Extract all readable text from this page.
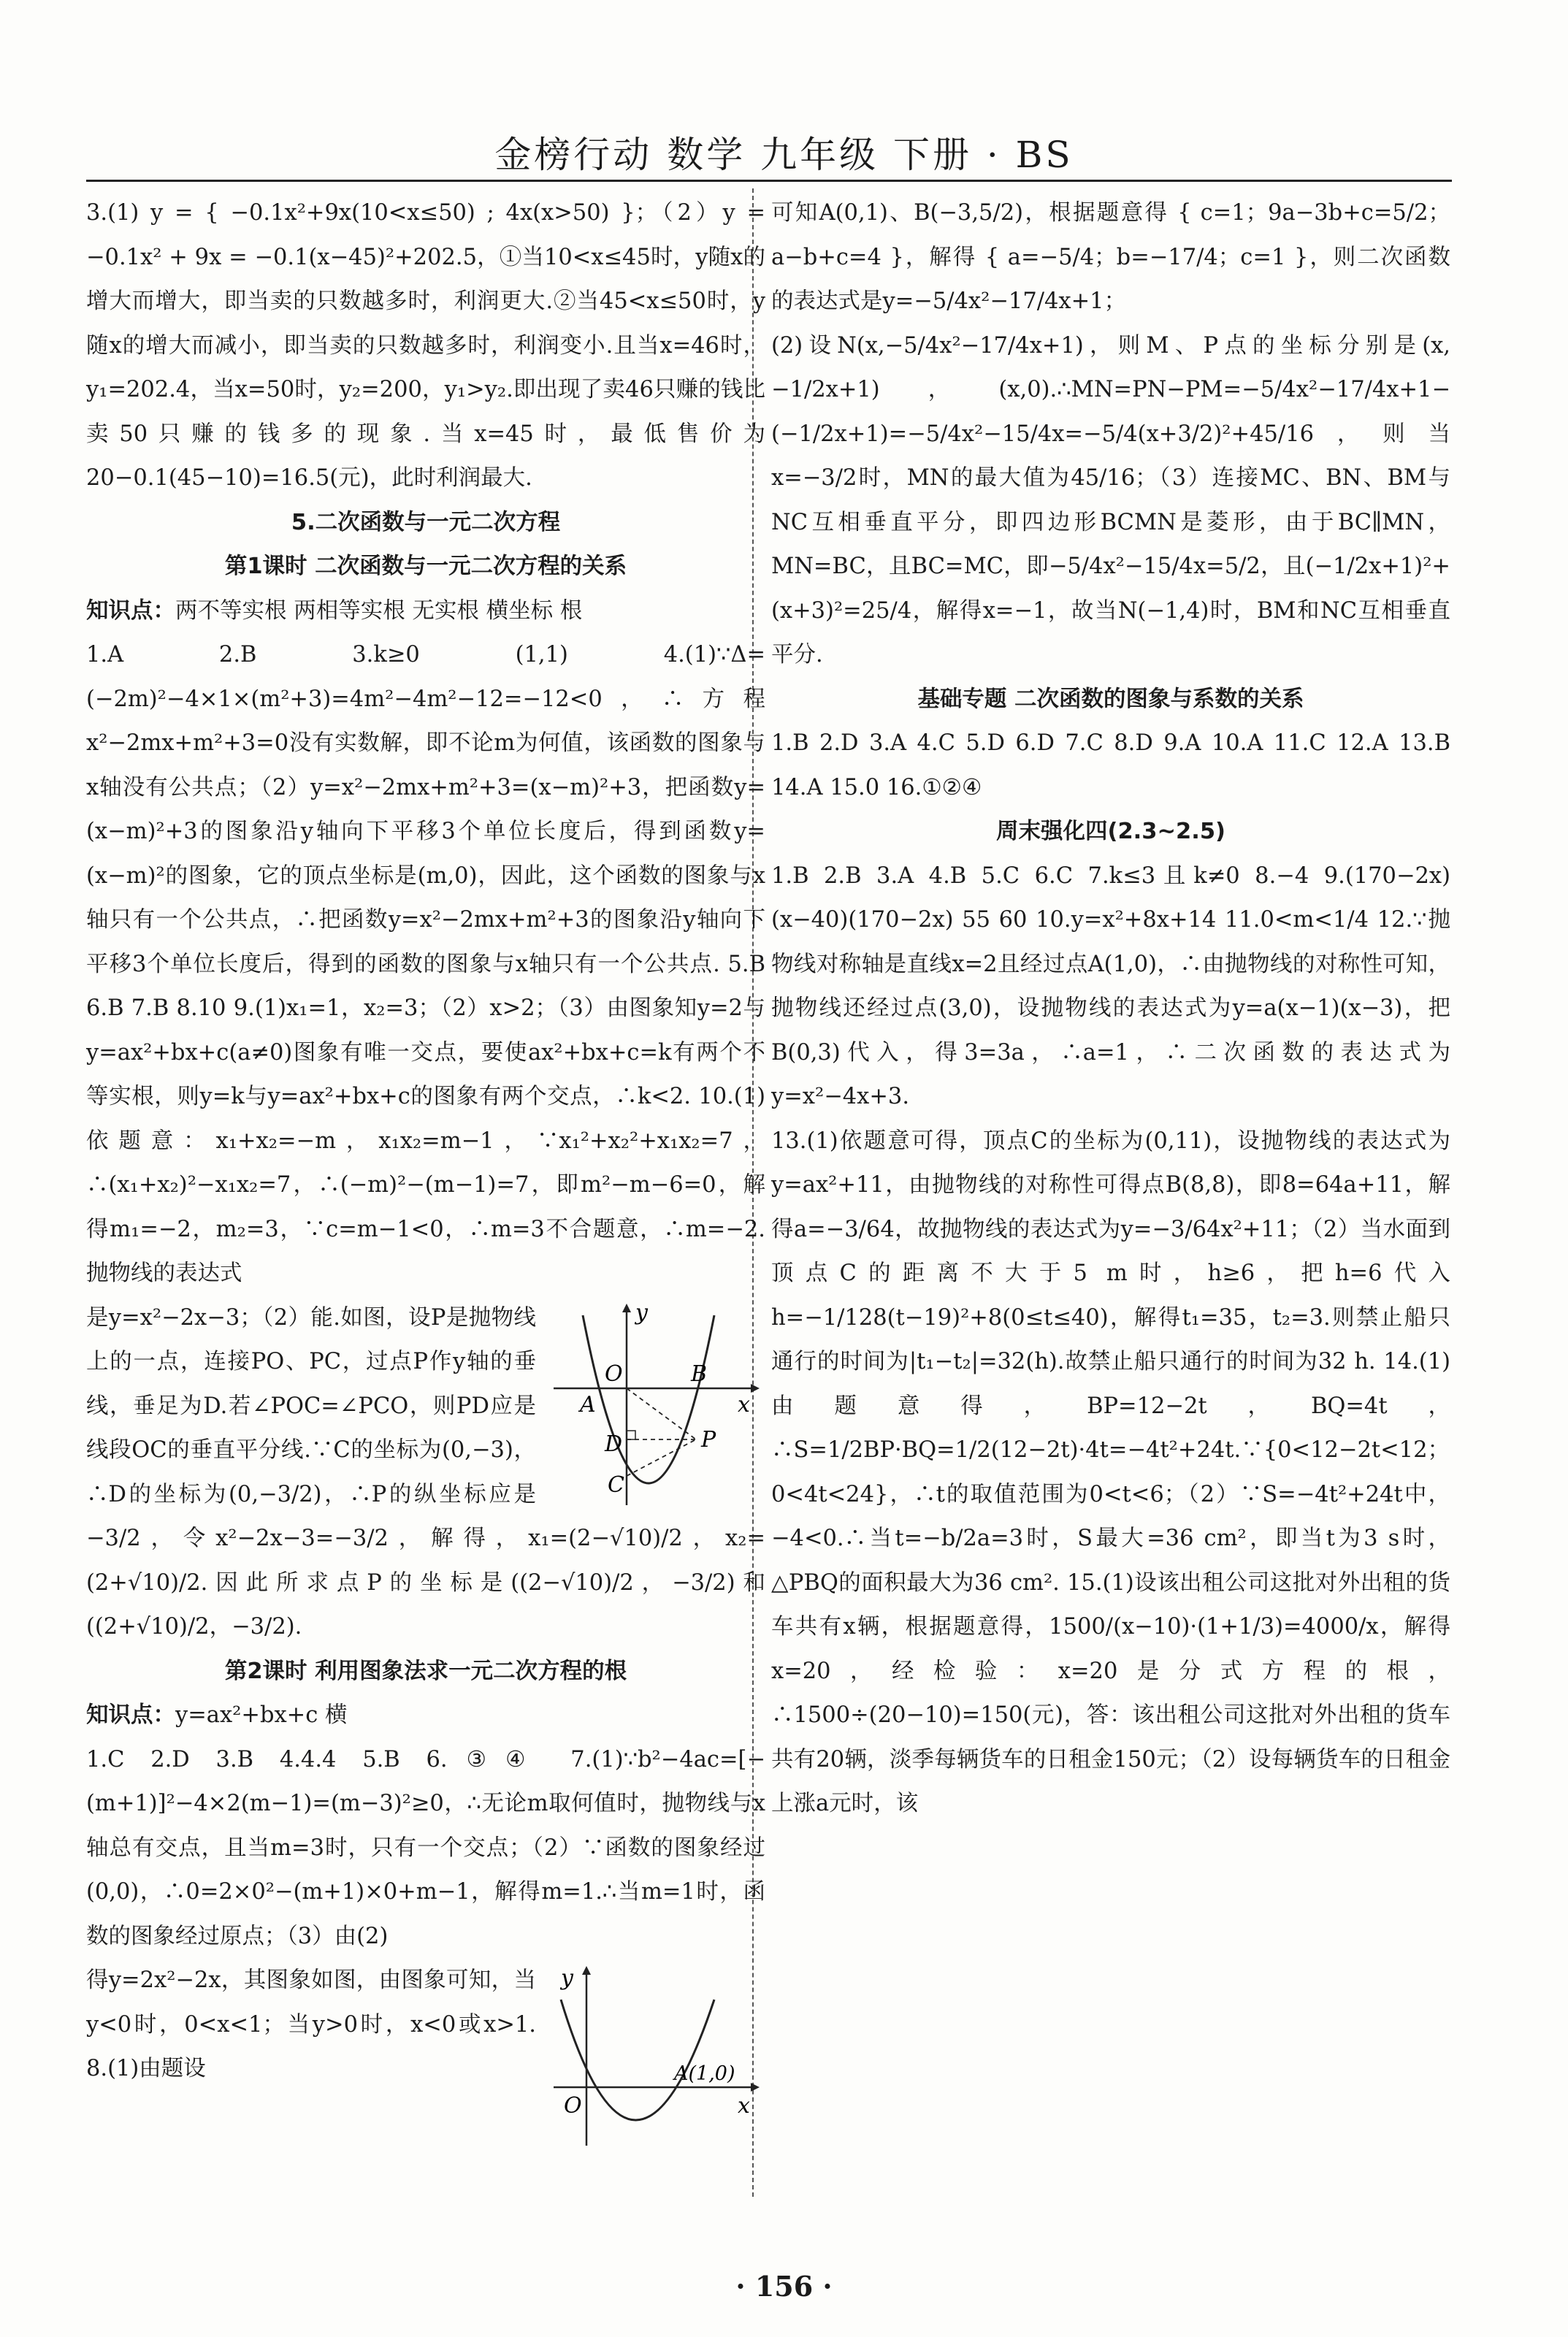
金榜行动 数学 九年级 下册 · BS

3.(1) y = { −0.1x²+9x(10<x≤50) ; 4x(x>50) }；（2）y = −0.1x² + 9x = −0.1(x−45)²+202.5，①当10<x≤45时，y随x的增大而增大，即当卖的只数越多时，利润更大.②当45<x≤50时，y随x的增大而减小，即当卖的只数越多时，利润变小.且当x=46时，y₁=202.4，当x=50时，y₂=200，y₁>y₂.即出现了卖46只赚的钱比卖50只赚的钱多的现象.当x=45时，最低售价为20−0.1(45−10)=16.5(元)，此时利润最大.

5.二次函数与一元二次方程

第1课时 二次函数与一元二次方程的关系

知识点：两不等实根 两相等实根 无实根 横坐标 根

1.A 2.B 3.k≥0 (1,1) 4.(1)∵Δ=(−2m)²−4×1×(m²+3)=4m²−4m²−12=−12<0，∴方程x²−2mx+m²+3=0没有实数解，即不论m为何值，该函数的图象与x轴没有公共点；（2）y=x²−2mx+m²+3=(x−m)²+3，把函数y=(x−m)²+3的图象沿y轴向下平移3个单位长度后，得到函数y=(x−m)²的图象，它的顶点坐标是(m,0)，因此，这个函数的图象与x轴只有一个公共点，∴把函数y=x²−2mx+m²+3的图象沿y轴向下平移3个单位长度后，得到的函数的图象与x轴只有一个公共点. 5.B 6.B 7.B 8.10 9.(1)x₁=1，x₂=3；（2）x>2；（3）由图象知y=2与y=ax²+bx+c(a≠0)图象有唯一交点，要使ax²+bx+c=k有两个不等实根，则y=k与y=ax²+bx+c的图象有两个交点，∴k<2. 10.(1)依题意：x₁+x₂=−m，x₁x₂=m−1，∵x₁²+x₂²+x₁x₂=7，∴(x₁+x₂)²−x₁x₂=7，∴(−m)²−(m−1)=7，即m²−m−6=0，解得m₁=−2，m₂=3，∵c=m−1<0，∴m=3不合题意，∴m=−2.抛物线的表达式

y
O	B
A	x
D	P
C
是y=x²−2x−3；（2）能.如图，设P是抛物线上的一点，连接PO、PC，过点P作y轴的垂线，垂足为D.若∠POC=∠PCO，则PD应是线段OC的垂直平分线.∵C的坐标为(0,−3)，∴D的坐标为(0,−3/2)，∴P的纵坐标应是−3/2，令x²−2x−3=−3/2，解得，x₁=(2−√10)/2，x₂=(2+√10)/2.因此所求点P的坐标是((2−√10)/2，−3/2)和((2+√10)/2，−3/2).

第2课时 利用图象法求一元二次方程的根

知识点：y=ax²+bx+c 横

1.C 2.D 3.B 4.4.4 5.B 6.③④ 7.(1)∵b²−4ac=[−(m+1)]²−4×2(m−1)=(m−3)²≥0，∴无论m取何值时，抛物线与x轴总有交点，且当m=3时，只有一个交点；（2）∵函数的图象经过(0,0)，∴0=2×0²−(m+1)×0+m−1，解得m=1.∴当m=1时，函数的图象经过原点；（3）由(2)

y
A(1,0)
O	x
得y=2x²−2x，其图象如图，由图象可知，当y<0时，0<x<1；当y>0时，x<0或x>1. 8.(1)由题设

可知A(0,1)、B(−3,5/2)，根据题意得 { c=1；9a−3b+c=5/2；a−b+c=4 }，解得 { a=−5/4；b=−17/4；c=1 }，则二次函数的表达式是y=−5/4x²−17/4x+1；

(2)设N(x,−5/4x²−17/4x+1)，则M、P点的坐标分别是(x,−1/2x+1)，(x,0).∴MN=PN−PM=−5/4x²−17/4x+1−(−1/2x+1)=−5/4x²−15/4x=−5/4(x+3/2)²+45/16，则当x=−3/2时，MN的最大值为45/16；（3）连接MC、BN、BM与NC互相垂直平分，即四边形BCMN是菱形，由于BC∥MN，MN=BC，且BC=MC，即−5/4x²−15/4x=5/2，且(−1/2x+1)²+(x+3)²=25/4，解得x=−1，故当N(−1,4)时，BM和NC互相垂直平分.

基础专题 二次函数的图象与系数的关系

1.B 2.D 3.A 4.C 5.D 6.D 7.C 8.D 9.A 10.A 11.C 12.A 13.B 14.A 15.0 16.①②④

周末强化四(2.3~2.5)

1.B 2.B 3.A 4.B 5.C 6.C 7.k≤3且k≠0 8.−4 9.(170−2x) (x−40)(170−2x) 55 60 10.y=x²+8x+14 11.0<m<1/4 12.∵抛物线对称轴是直线x=2且经过点A(1,0)，∴由抛物线的对称性可知，抛物线还经过点(3,0)，设抛物线的表达式为y=a(x−1)(x−3)，把B(0,3)代入，得3=3a，∴a=1，∴二次函数的表达式为y=x²−4x+3.

13.(1)依题意可得，顶点C的坐标为(0,11)，设抛物线的表达式为y=ax²+11，由抛物线的对称性可得点B(8,8)，即8=64a+11，解得a=−3/64，故抛物线的表达式为y=−3/64x²+11；（2）当水面到顶点C的距离不大于5 m时，h≥6，把h=6代入h=−1/128(t−19)²+8(0≤t≤40)，解得t₁=35，t₂=3.则禁止船只通行的时间为|t₁−t₂|=32(h).故禁止船只通行的时间为32 h. 14.(1)由题意得，BP=12−2t，BQ=4t，∴S=1/2BP·BQ=1/2(12−2t)·4t=−4t²+24t.∵{0<12−2t<12；0<4t<24}，∴t的取值范围为0<t<6；（2）∵S=−4t²+24t中，−4<0.∴当t=−b/2a=3时，S最大=36 cm²，即当t为3 s时，△PBQ的面积最大为36 cm². 15.(1)设该出租公司这批对外出租的货车共有x辆，根据题意得，1500/(x−10)·(1+1/3)=4000/x，解得x=20，经检验：x=20是分式方程的根，∴1500÷(20−10)=150(元)，答：该出租公司这批对外出租的货车共有20辆，淡季每辆货车的日租金150元；（2）设每辆货车的日租金上涨a元时，该

· 156 ·
